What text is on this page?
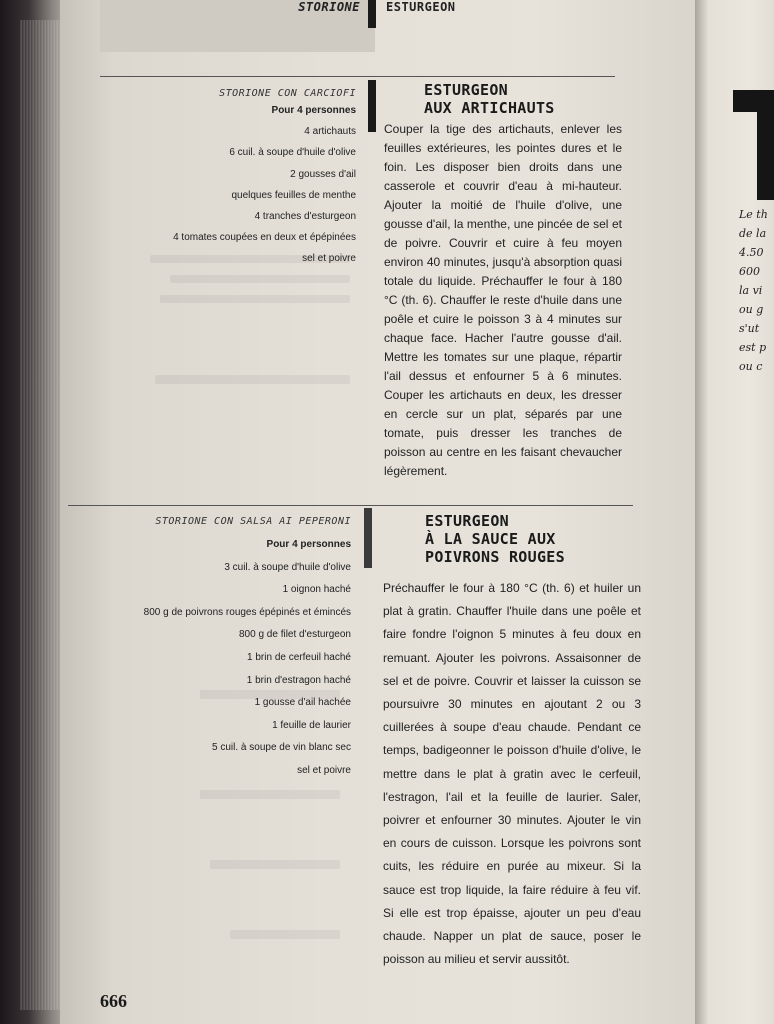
Le th
de la
4.50
600
la vi
ou g
s'ut
est p
ou c
STORIONE ESTURGEON
STORIONE CON CARCIOFI
Pour 4 personnes
4 artichauts
6 cuil. à soupe d'huile d'olive
2 gousses d'ail
quelques feuilles de menthe
4 tranches d'esturgeon
4 tomates coupées en deux et épépinées
sel et poivre
ESTURGEON
AUX ARTICHAUTS
Couper la tige des artichauts, enlever les feuilles extérieures, les pointes dures et le foin. Les disposer bien droits dans une casserole et couvrir d'eau à mi-hauteur. Ajouter la moitié de l'huile d'olive, une gousse d'ail, la menthe, une pincée de sel et de poivre. Couvrir et cuire à feu moyen environ 40 minutes, jusqu'à absorption quasi totale du liquide. Préchauffer le four à 180 °C (th. 6). Chauffer le reste d'huile dans une poêle et cuire le poisson 3 à 4 minutes sur chaque face. Hacher l'autre gousse d'ail. Mettre les tomates sur une plaque, répartir l'ail dessus et enfourner 5 à 6 minutes. Couper les artichauts en deux, les dresser en cercle sur un plat, séparés par une tomate, puis dresser les tranches de poisson au centre en les faisant chevaucher légèrement.
STORIONE CON SALSA AI PEPERONI
Pour 4 personnes
3 cuil. à soupe d'huile d'olive
1 oignon haché
800 g de poivrons rouges épépinés et émincés
800 g de filet d'esturgeon
1 brin de cerfeuil haché
1 brin d'estragon haché
1 gousse d'ail hachée
1 feuille de laurier
5 cuil. à soupe de vin blanc sec
sel et poivre
ESTURGEON
À LA SAUCE AUX
POIVRONS ROUGES
Préchauffer le four à 180 °C (th. 6) et huiler un plat à gratin. Chauffer l'huile dans une poêle et faire fondre l'oignon 5 minutes à feu doux en remuant. Ajouter les poivrons. Assaisonner de sel et de poivre. Couvrir et laisser la cuisson se poursuivre 30 minutes en ajoutant 2 ou 3 cuillerées à soupe d'eau chaude. Pendant ce temps, badigeonner le poisson d'huile d'olive, le mettre dans le plat à gratin avec le cerfeuil, l'estragon, l'ail et la feuille de laurier. Saler, poivrer et enfourner 30 minutes. Ajouter le vin en cours de cuisson. Lorsque les poivrons sont cuits, les réduire en purée au mixeur. Si la sauce est trop liquide, la faire réduire à feu vif. Si elle est trop épaisse, ajouter un peu d'eau chaude. Napper un plat de sauce, poser le poisson au milieu et servir aussitôt.
666
